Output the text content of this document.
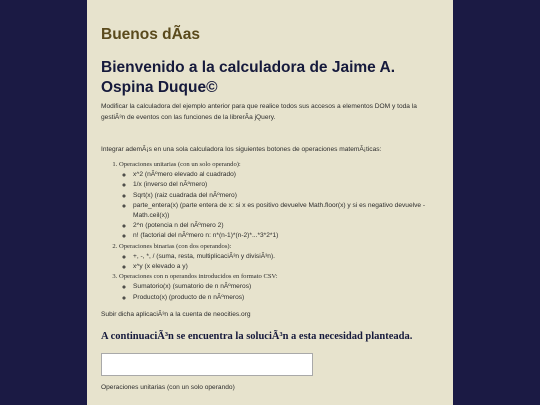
Buenos dÃas
Bienvenido a la calculadora de Jaime A. Ospina Duque©

Modificar la calculadora del ejemplo anterior para que realice todos sus accesos a elementos DOM y toda la gestiÃ³n de eventos con las funciones de la librerÃa jQuery.

Integrar ademÃ¡s en una sola calculadora los siguientes botones de operaciones matemÃ¡ticas:

1. Operaciones unitarias (con un solo operando):
◦ x^2 (nÃºmero elevado al cuadrado)
◦ 1/x (inverso del nÃºmero)
◦ Sqrt(x) (raiz cuadrada del nÃºmero)
◦ parte_entera(x) (parte entera de x: si x es positivo devuelve Math.floor(x) y si es negativo devuelve - Math.ceil(x))
◦ 2^n (potencia n del nÃºmero 2)
◦ n! (factorial del nÃºmero n: n*(n-1)*(n-2)*...*3*2*1)
2. Operaciones binarias (con dos operandos):
◦ +, -, *, / (suma, resta, multiplicaciÃ³n y divisiÃ³n).
◦ x^y (x elevado a y)
3. Operaciones con n operandos introducidos en formato CSV:
◦ Sumatorio(x) (sumatorio de n nÃºmeros)
◦ Producto(x) (producto de n nÃºmeros)

Subir dicha aplicaciÃ³n a la cuenta de neocities.org

A continuaciÃ³n se encuentra la soluciÃ³n a esta necesidad planteada.

Operaciones unitarias (con un solo operando)
